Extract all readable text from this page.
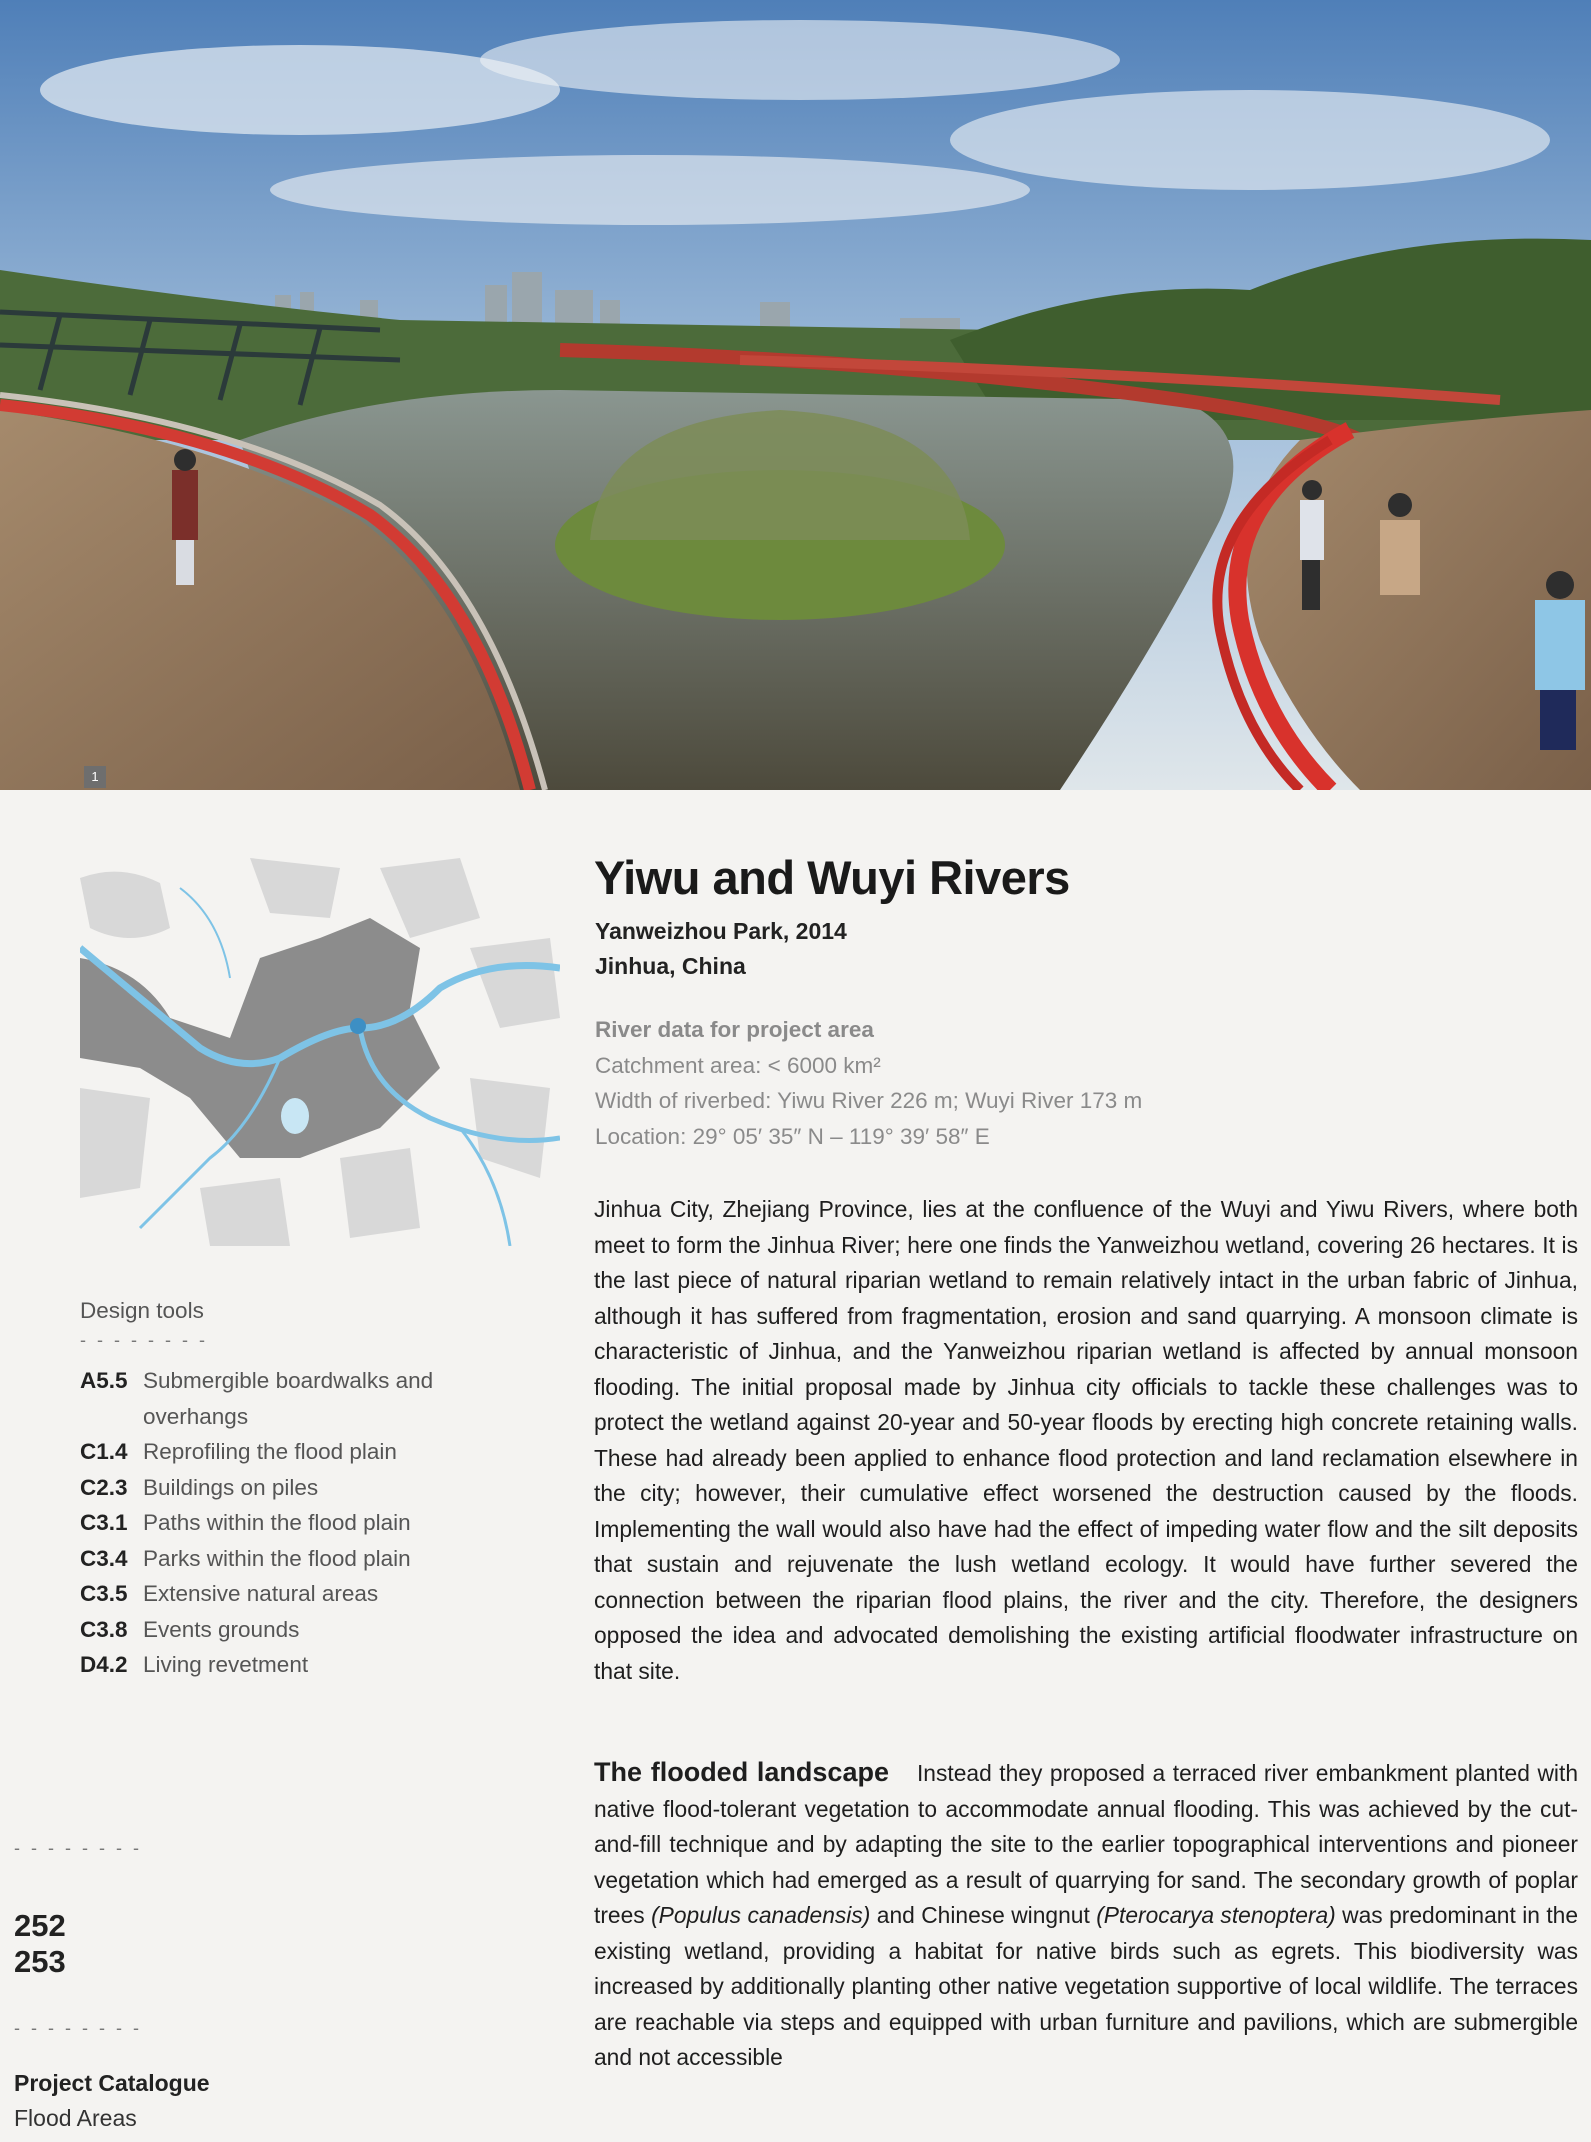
1
Design tools
- - - - - - - -
A5.5 Submergible boardwalks and overhangs
C1.4 Reprofiling the flood plain
C2.3 Buildings on piles
C3.1 Paths within the flood plain
C3.4 Parks within the flood plain
C3.5 Extensive natural areas
C3.8 Events grounds
D4.2 Living revetment
- - - - - - - -
252
253
- - - - - - - -
Project Catalogue
Flood Areas
Yiwu and Wuyi Rivers
Yanweizhou Park, 2014
Jinhua, China
River data for project area
Catchment area: < 6000 km²
Width of riverbed: Yiwu River 226 m; Wuyi River 173 m
Location: 29° 05′ 35″ N – 119° 39′ 58″ E
Jinhua City, Zhejiang Province, lies at the confluence of the Wuyi and Yiwu Rivers, where both meet to form the Jinhua River; here one finds the Yanweizhou wetland, covering 26 hectares. It is the last piece of natural riparian wetland to remain relatively intact in the urban fabric of Jinhua, although it has suffered from fragmentation, erosion and sand quarrying. A monsoon climate is characteristic of Jinhua, and the Yanweizhou riparian wetland is affected by annual monsoon flooding. The initial proposal made by Jinhua city officials to tackle these challenges was to protect the wetland against 20-year and 50-year floods by erecting high concrete retaining walls. These had already been applied to enhance flood protection and land reclamation elsewhere in the city; however, their cumulative effect worsened the destruction caused by the floods. Implementing the wall would also have had the effect of impeding water flow and the silt deposits that sustain and rejuvenate the lush wetland ecology. It would have further severed the connection between the riparian flood plains, the river and the city. Therefore, the designers opposed the idea and advocated demolishing the existing artificial floodwater infrastructure on that site.
The flooded landscape Instead they proposed a terraced river embankment planted with native flood-tolerant vegetation to accommodate annual flooding. This was achieved by the cut-and-fill technique and by adapting the site to the earlier topographical interventions and pioneer vegetation which had emerged as a result of quarrying for sand. The secondary growth of poplar trees (Populus canadensis) and Chinese wingnut (Pterocarya stenoptera) was predominant in the existing wetland, providing a habitat for native birds such as egrets. This biodiversity was increased by additionally planting other native vegetation supportive of local wildlife. The terraces are reachable via steps and equipped with urban furniture and pavilions, which are submergible and not accessible
